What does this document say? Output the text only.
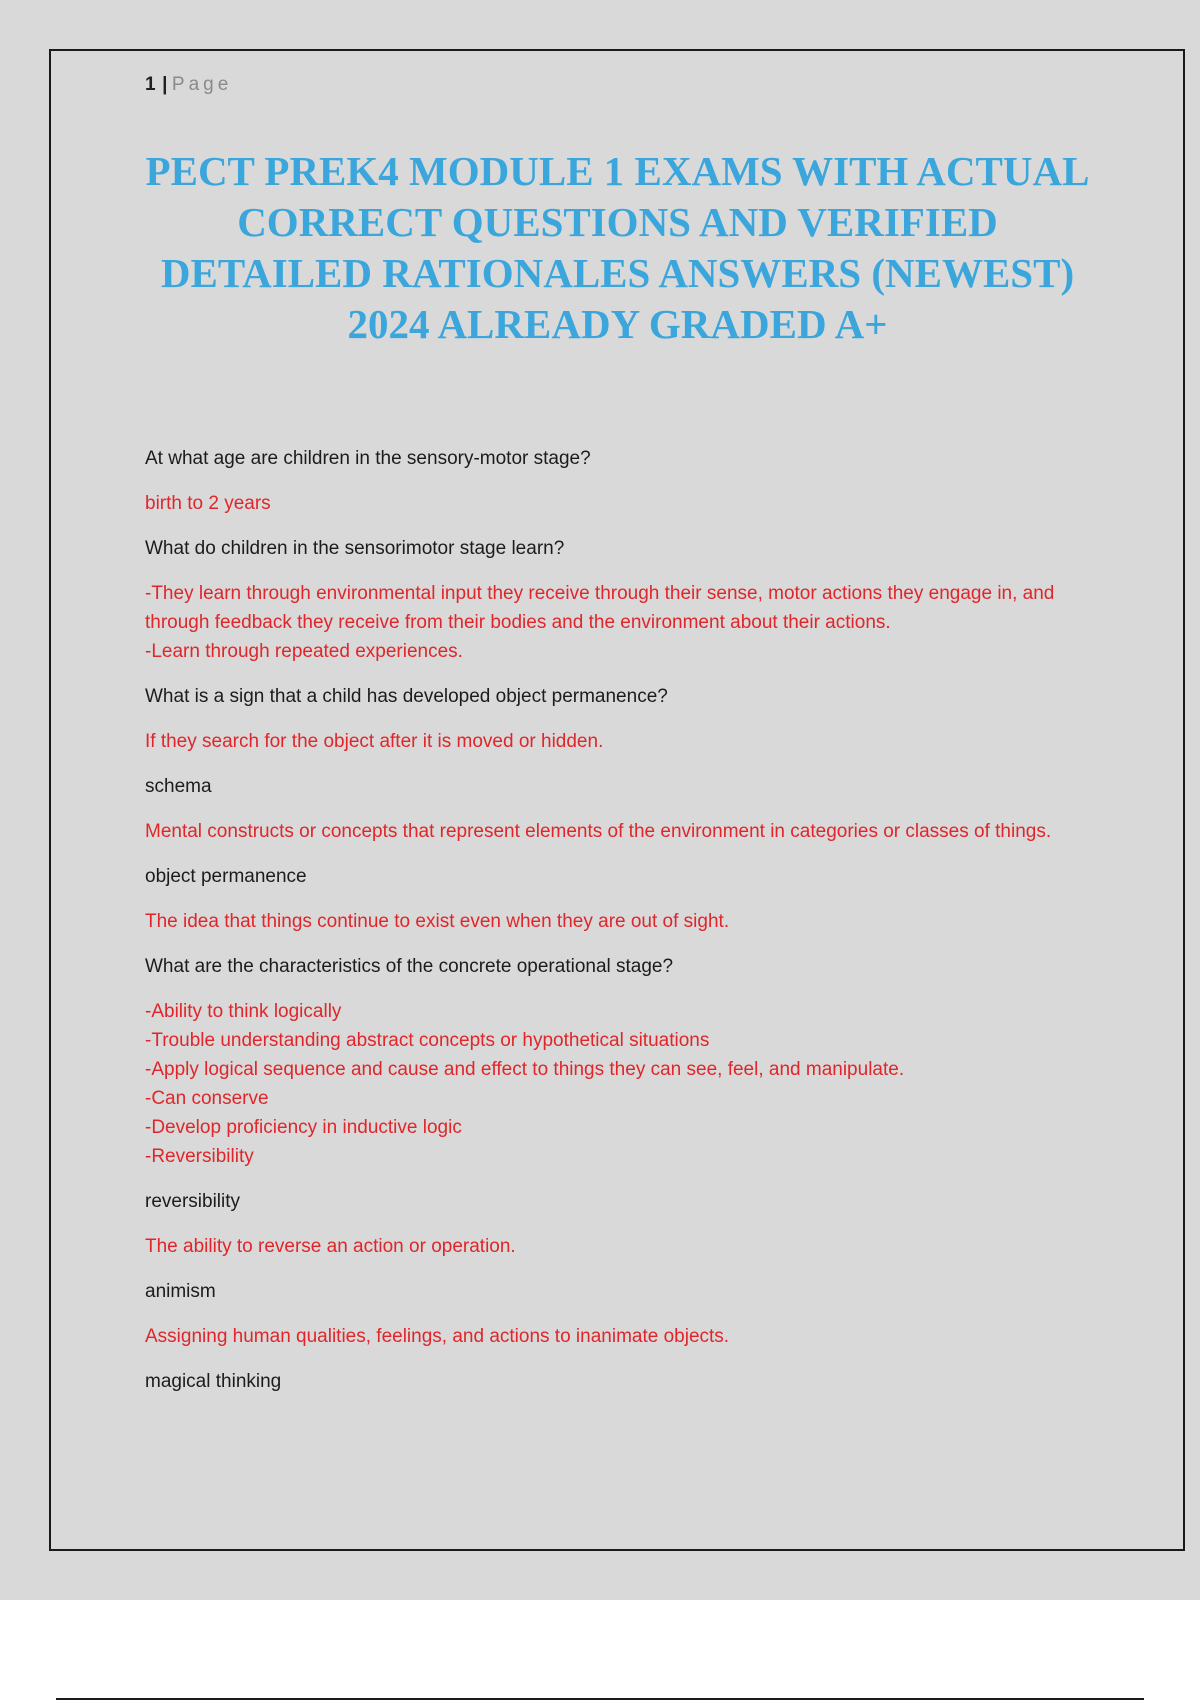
1 | Page
PECT PREK4 MODULE 1 EXAMS WITH ACTUAL CORRECT QUESTIONS AND VERIFIED DETAILED RATIONALES ANSWERS (NEWEST) 2024 ALREADY GRADED A+

At what age are children in the sensory-motor stage?

birth to 2 years

What do children in the sensorimotor stage learn?

-They learn through environmental input they receive through their sense, motor actions they engage in, and through feedback they receive from their bodies and the environment about their actions.
-Learn through repeated experiences.

What is a sign that a child has developed object permanence?

If they search for the object after it is moved or hidden.

schema

Mental constructs or concepts that represent elements of the environment in categories or classes of things.

object permanence

The idea that things continue to exist even when they are out of sight.

What are the characteristics of the concrete operational stage?

-Ability to think logically
-Trouble understanding abstract concepts or hypothetical situations
-Apply logical sequence and cause and effect to things they can see, feel, and manipulate.
-Can conserve
-Develop proficiency in inductive logic
-Reversibility

reversibility

The ability to reverse an action or operation.

animism

Assigning human qualities, feelings, and actions to inanimate objects.

magical thinking
